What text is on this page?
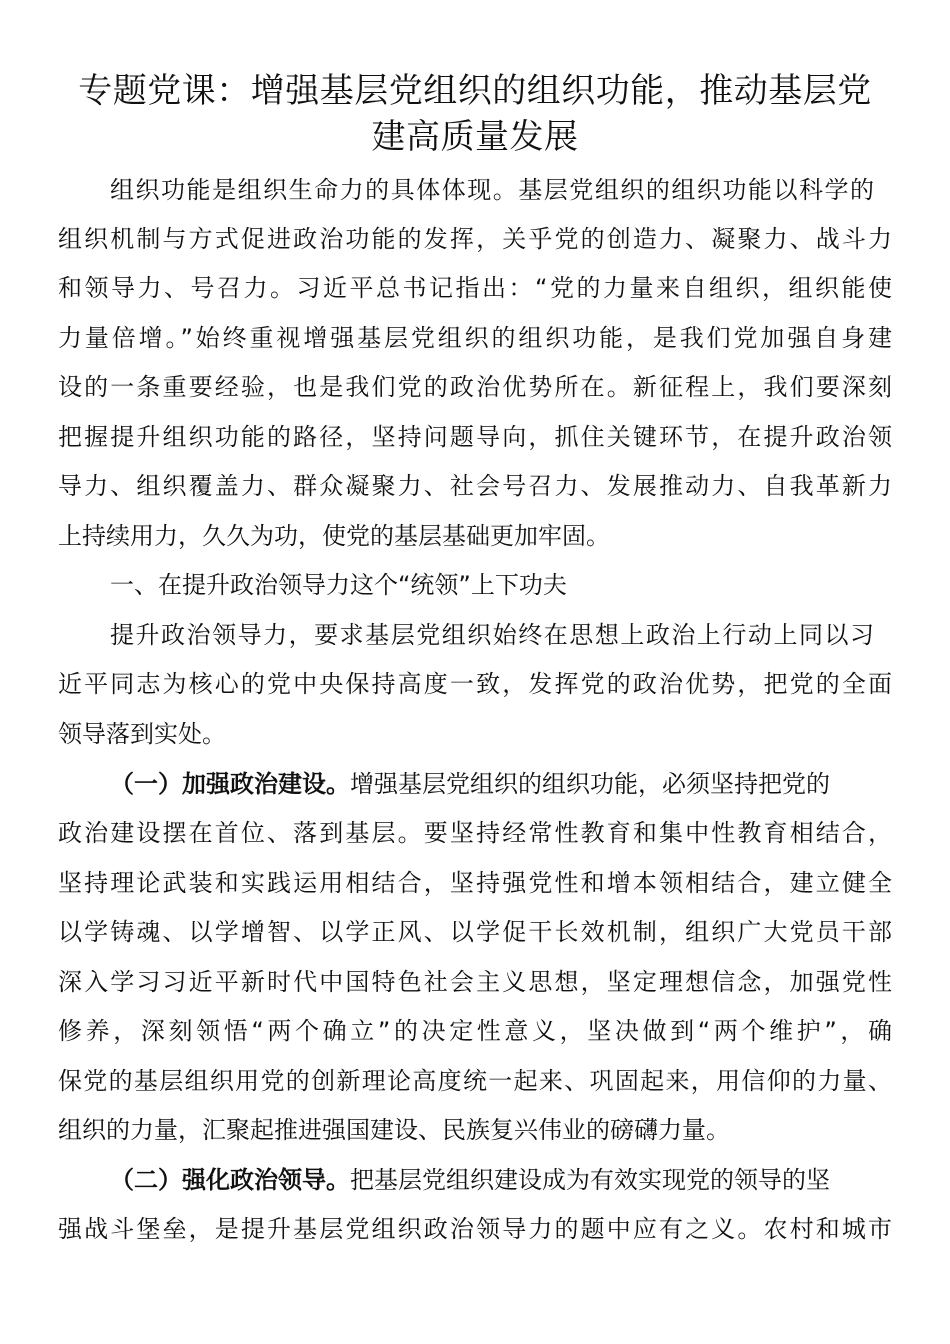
专题党课：增强基层党组织的组织功能，推动基层党
建高质量发展
组织功能是组织生命力的具体体现。基层党组织的组织功能以科学的
组织机制与方式促进政治功能的发挥，关乎党的创造力、凝聚力、战斗力
和领导力、号召力。习近平总书记指出：“党的力量来自组织，组织能使
力量倍增。”始终重视增强基层党组织的组织功能，是我们党加强自身建
设的一条重要经验，也是我们党的政治优势所在。新征程上，我们要深刻
把握提升组织功能的路径，坚持问题导向，抓住关键环节，在提升政治领
导力、组织覆盖力、群众凝聚力、社会号召力、发展推动力、自我革新力
上持续用力，久久为功，使党的基层基础更加牢固。
一、在提升政治领导力这个“统领”上下功夫
提升政治领导力，要求基层党组织始终在思想上政治上行动上同以习
近平同志为核心的党中央保持高度一致，发挥党的政治优势，把党的全面
领导落到实处。
（一）加强政治建设。增强基层党组织的组织功能，必须坚持把党的
政治建设摆在首位、落到基层。要坚持经常性教育和集中性教育相结合，
坚持理论武装和实践运用相结合，坚持强党性和增本领相结合，建立健全
以学铸魂、以学增智、以学正风、以学促干长效机制，组织广大党员干部
深入学习习近平新时代中国特色社会主义思想，坚定理想信念，加强党性
修养，深刻领悟“两个确立”的决定性意义，坚决做到“两个维护”，确
保党的基层组织用党的创新理论高度统一起来、巩固起来，用信仰的力量、
组织的力量，汇聚起推进强国建设、民族复兴伟业的磅礴力量。
（二）强化政治领导。把基层党组织建设成为有效实现党的领导的坚
强战斗堡垒，是提升基层党组织政治领导力的题中应有之义。农村和城市
